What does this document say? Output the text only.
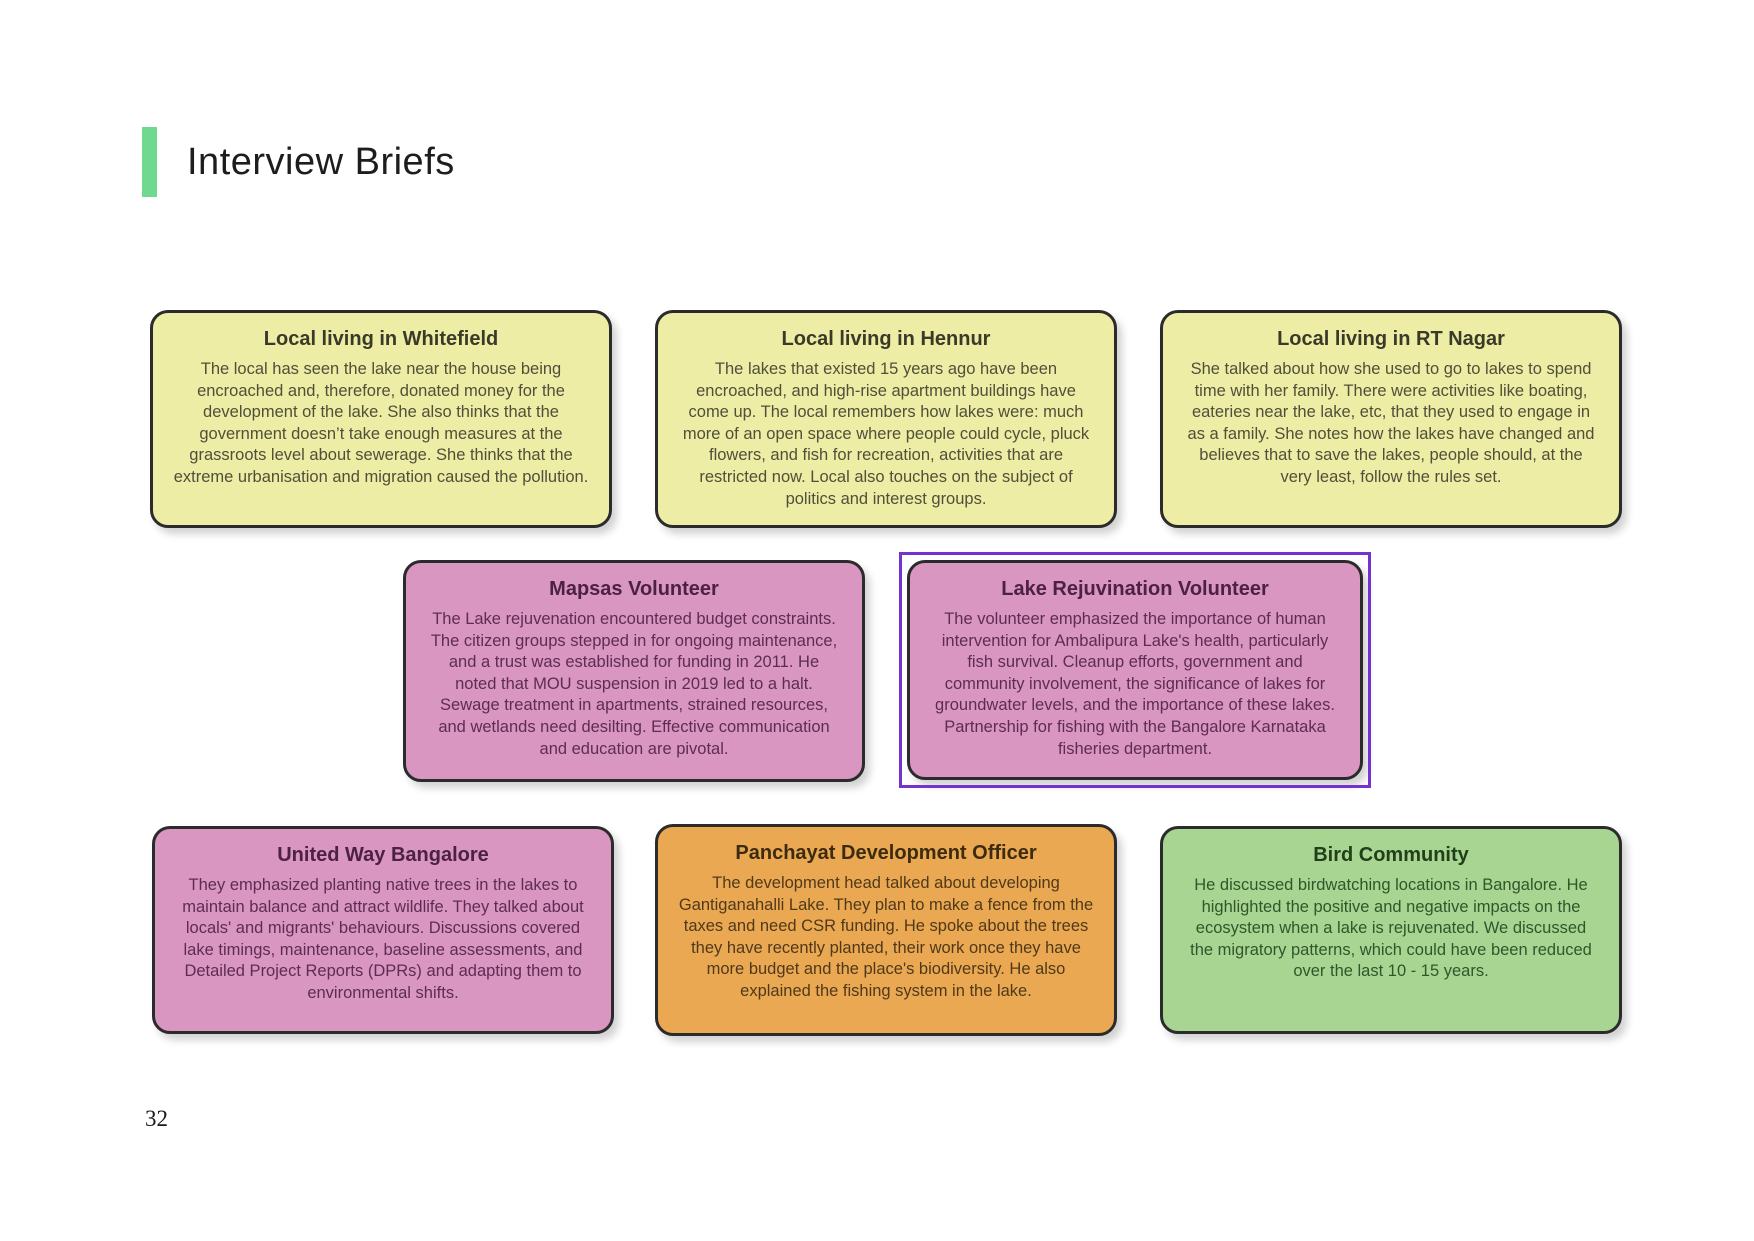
Interview Briefs
Local living in Whitefield

The local has seen the lake near the house being encroached and, therefore, donated money for the development of the lake. She also thinks that the government doesn’t take enough measures at the grassroots level about sewerage. She thinks that the extreme urbanisation and migration caused the pollution.

Local living in Hennur

The lakes that existed 15 years ago have been encroached, and high-rise apartment buildings have come up. The local remembers how lakes were: much more of an open space where people could cycle, pluck flowers, and fish for recreation, activities that are restricted now. Local also touches on the subject of politics and interest groups.

Local living in RT Nagar

She talked about how she used to go to lakes to spend time with her family. There were activities like boating, eateries near the lake, etc, that they used to engage in as a family. She notes how the lakes have changed and believes that to save the lakes, people should, at the very least, follow the rules set.

Mapsas Volunteer

The Lake rejuvenation encountered budget constraints. The citizen groups stepped in for ongoing maintenance, and a trust was established for funding in 2011. He noted that MOU suspension in 2019 led to a halt. Sewage treatment in apartments, strained resources, and wetlands need desilting. Effective communication and education are pivotal.

Lake Rejuvination Volunteer

The volunteer emphasized the importance of human intervention for Ambalipura Lake's health, particularly fish survival. Cleanup efforts, government and community involvement, the significance of lakes for groundwater levels, and the importance of these lakes. Partnership for fishing with the Bangalore Karnataka fisheries department.

United Way Bangalore

They emphasized planting native trees in the lakes to maintain balance and attract wildlife. They talked about locals' and migrants' behaviours. Discussions covered lake timings, maintenance, baseline assessments, and Detailed Project Reports (DPRs) and adapting them to environmental shifts.

Panchayat Development Officer

The development head talked about developing Gantiganahalli Lake. They plan to make a fence from the taxes and need CSR funding. He spoke about the trees they have recently planted, their work once they have more budget and the place's biodiversity. He also explained the fishing system in the lake.

Bird Community

He discussed birdwatching locations in Bangalore. He highlighted the positive and negative impacts on the ecosystem when a lake is rejuvenated. We discussed the migratory patterns, which could have been reduced over the last 10 - 15 years.

32
